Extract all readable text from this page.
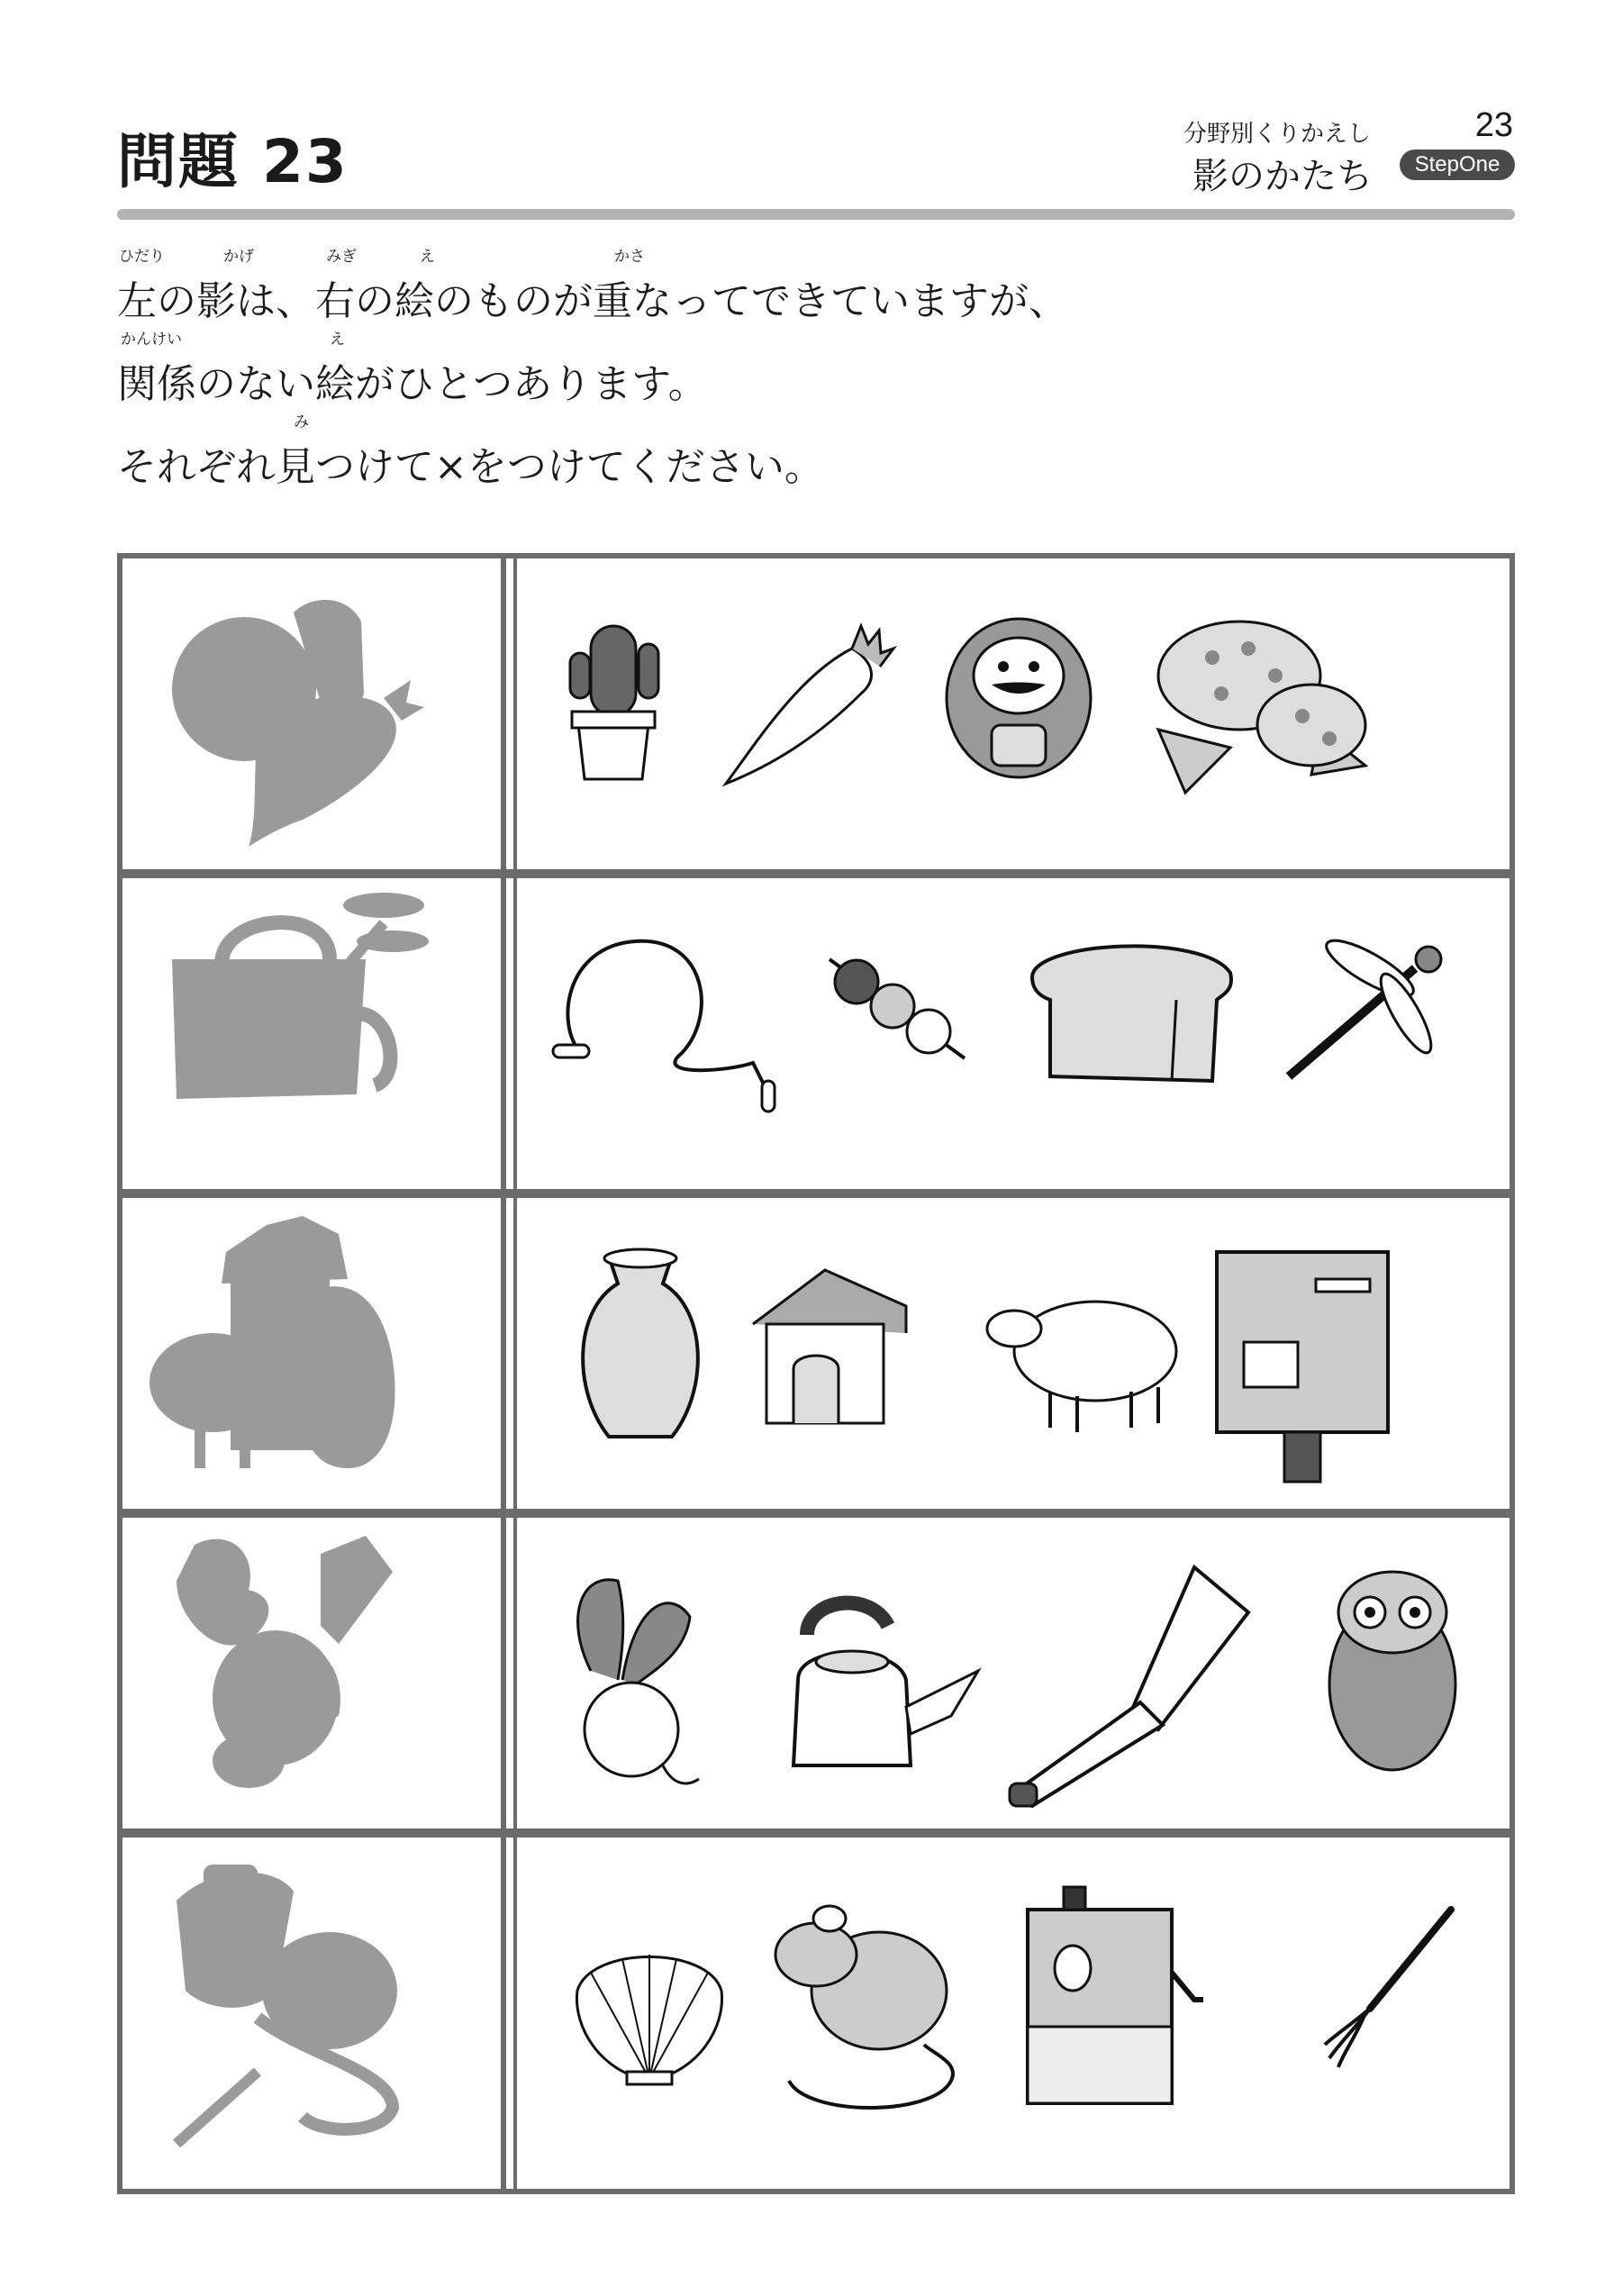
問題 23	分野別くりかえし
影のかたち
23
StepOne
ひだり	かげ	みぎ	え	かさ
左の影は、右の絵のものが重なってできていますが、
かんけい	え
関係のない絵がひとつあります。
み
それぞれ見つけて×をつけてください。
